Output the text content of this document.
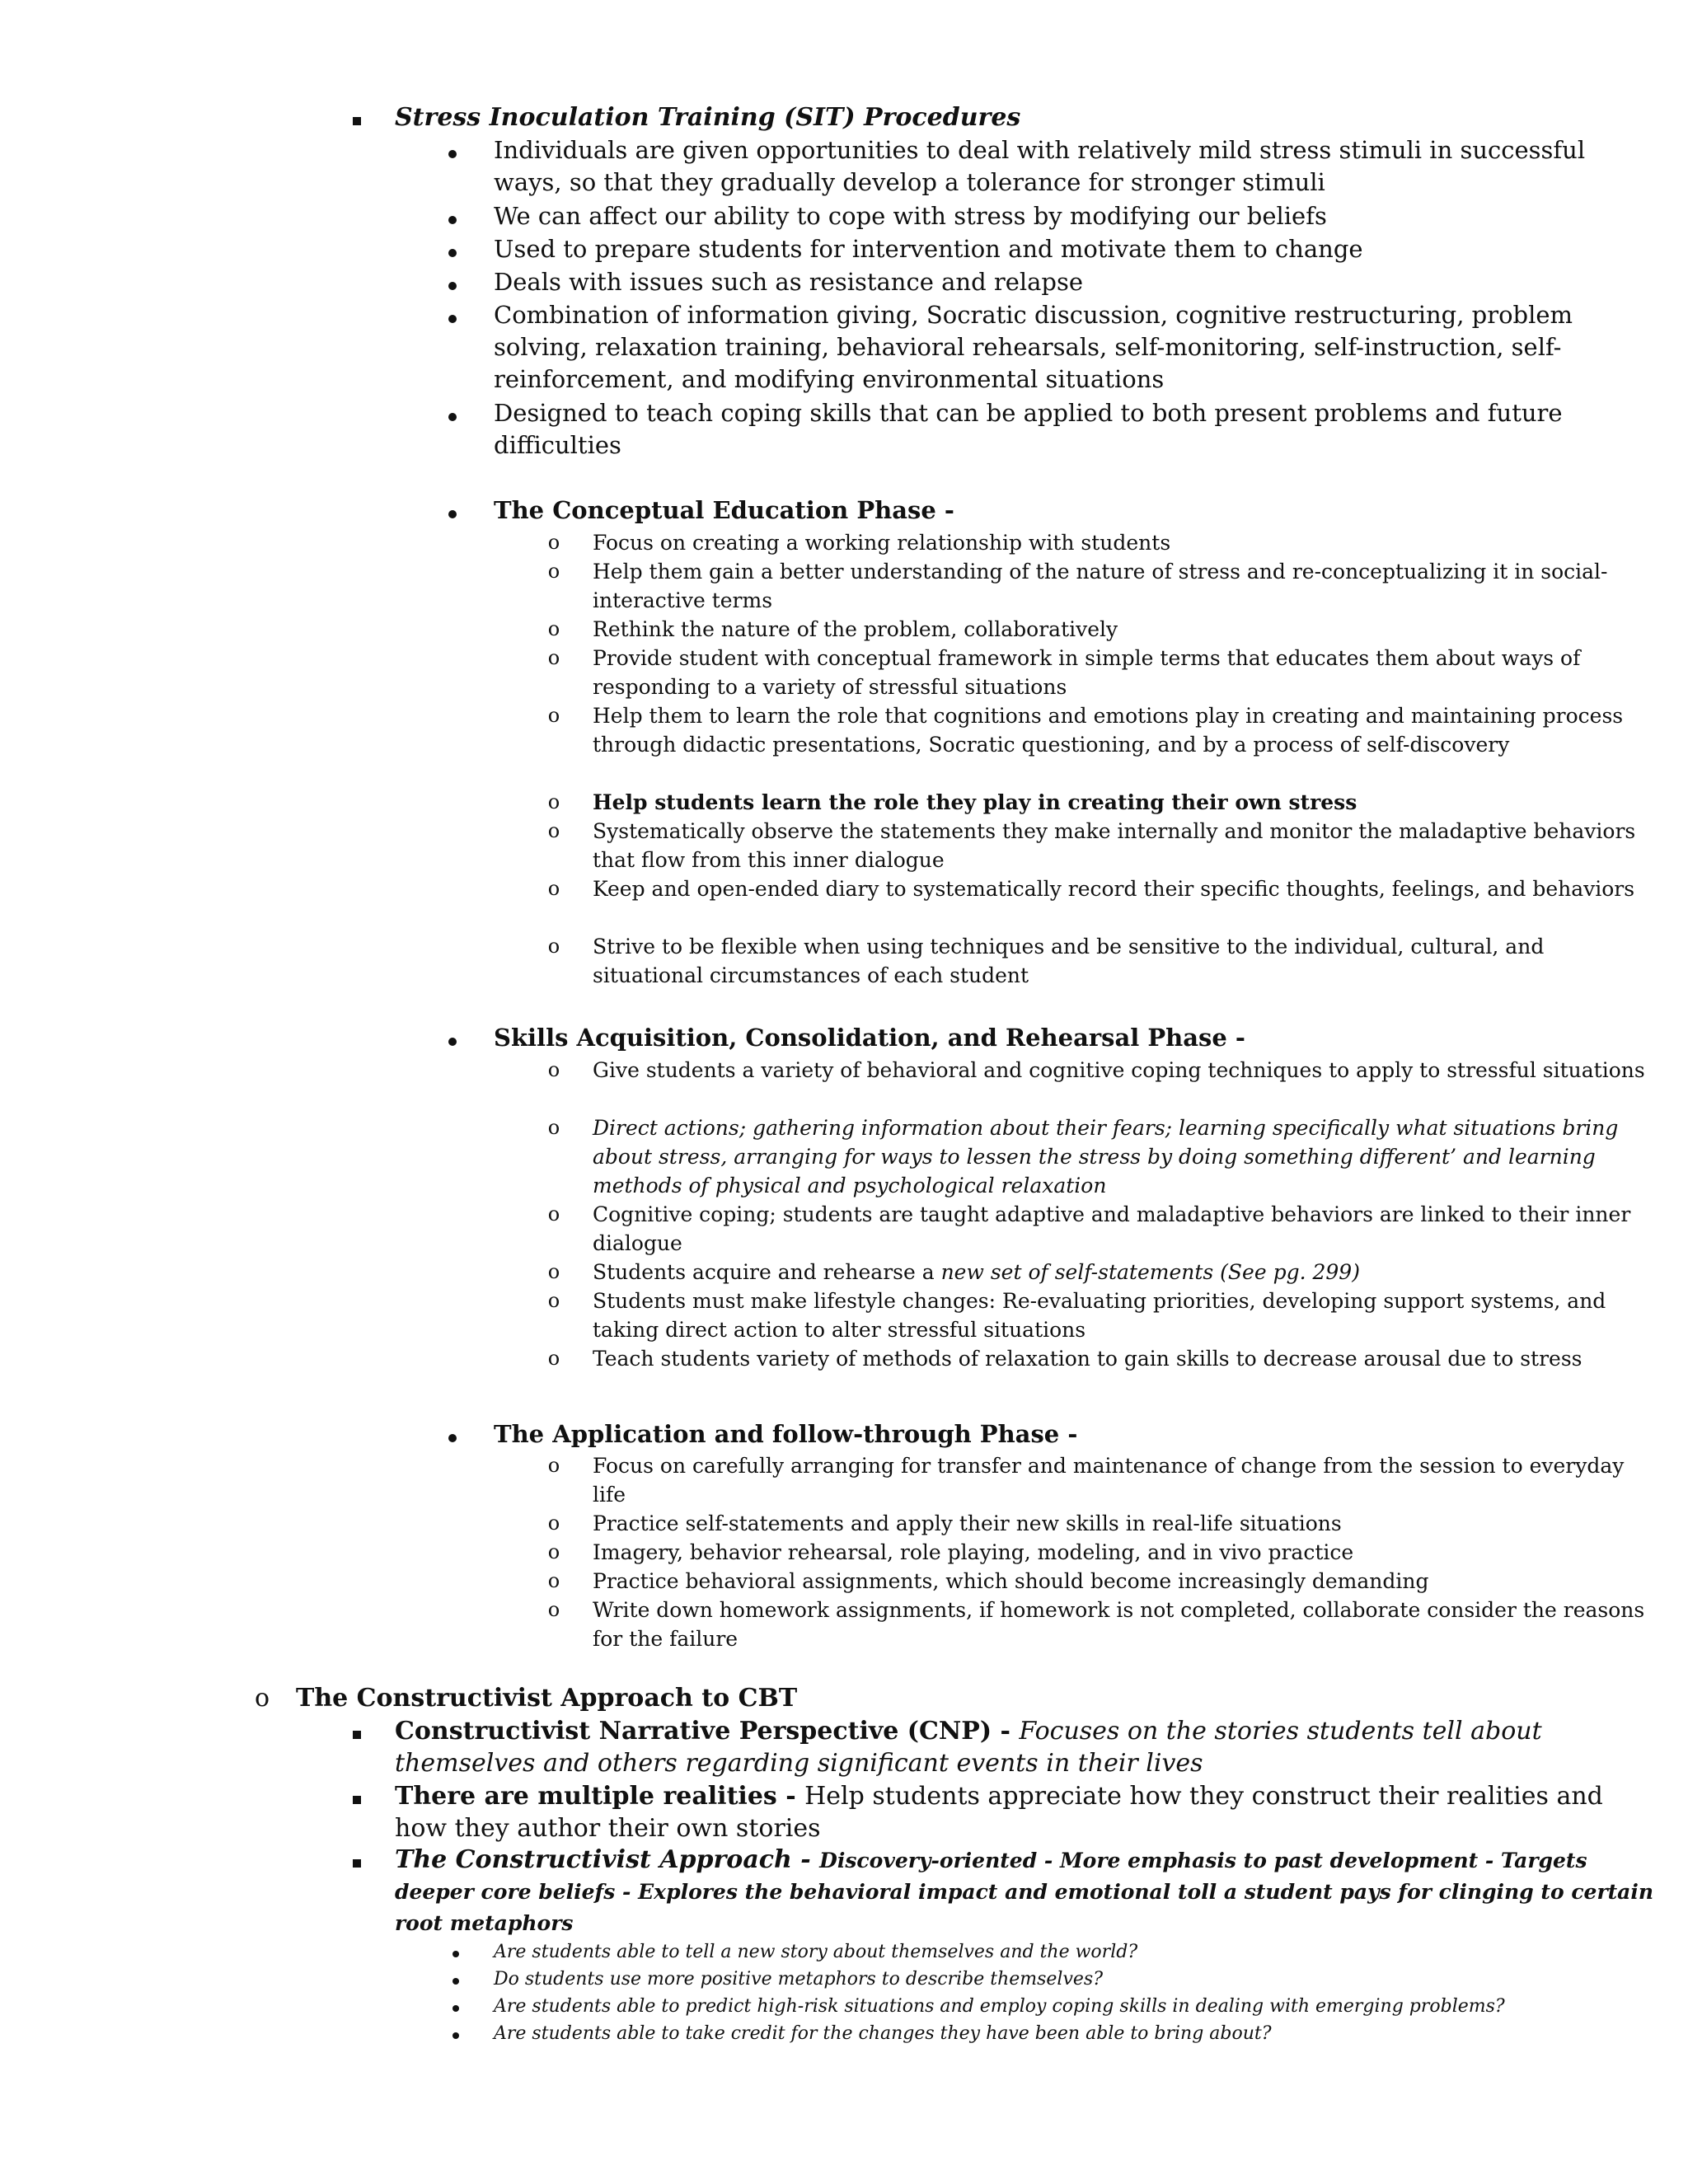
Stress Inoculation Training (SIT) Procedures
Individuals are given opportunities to deal with relatively mild stress stimuli in successful ways, so that they gradually develop a tolerance for stronger stimuli
We can affect our ability to cope with stress by modifying our beliefs
Used to prepare students for intervention and motivate them to change
Deals with issues such as resistance and relapse
Combination of information giving, Socratic discussion, cognitive restructuring, problem solving, relaxation training, behavioral rehearsals, self-monitoring, self-instruction, self-reinforcement, and modifying environmental situations
Designed to teach coping skills that can be applied to both present problems and future difficulties
The Conceptual Education Phase -
o Focus on creating a working relationship with students
o Help them gain a better understanding of the nature of stress and re-conceptualizing it in social-interactive terms
o Rethink the nature of the problem, collaboratively
o Provide student with conceptual framework in simple terms that educates them about ways of responding to a variety of stressful situations
o Help them to learn the role that cognitions and emotions play in creating and maintaining process through didactic presentations, Socratic questioning, and by a process of self-discovery
o Help students learn the role they play in creating their own stress
o Systematically observe the statements they make internally and monitor the maladaptive behaviors that flow from this inner dialogue
o Keep and open-ended diary to systematically record their specific thoughts, feelings, and behaviors
o Strive to be flexible when using techniques and be sensitive to the individual, cultural, and situational circumstances of each student
Skills Acquisition, Consolidation, and Rehearsal Phase -
o Give students a variety of behavioral and cognitive coping techniques to apply to stressful situations
o Direct actions; gathering information about their fears; learning specifically what situations bring about stress, arranging for ways to lessen the stress by doing something different’ and learning methods of physical and psychological relaxation
o Cognitive coping; students are taught adaptive and maladaptive behaviors are linked to their inner dialogue
o Students acquire and rehearse a new set of self-statements (See pg. 299)
o Students must make lifestyle changes: Re-evaluating priorities, developing support systems, and taking direct action to alter stressful situations
o Teach students variety of methods of relaxation to gain skills to decrease arousal due to stress
The Application and follow-through Phase -
o Focus on carefully arranging for transfer and maintenance of change from the session to everyday life
o Practice self-statements and apply their new skills in real-life situations
o Imagery, behavior rehearsal, role playing, modeling, and in vivo practice
o Practice behavioral assignments, which should become increasingly demanding
o Write down homework assignments, if homework is not completed, collaborate consider the reasons for the failure
o The Constructivist Approach to CBT
Constructivist Narrative Perspective (CNP) - Focuses on the stories students tell about themselves and others regarding significant events in their lives
There are multiple realities - Help students appreciate how they construct their realities and how they author their own stories
The Constructivist Approach - Discovery-oriented - More emphasis to past development - Targets deeper core beliefs - Explores the behavioral impact and emotional toll a student pays for clinging to certain root metaphors
Are students able to tell a new story about themselves and the world?
Do students use more positive metaphors to describe themselves?
Are students able to predict high-risk situations and employ coping skills in dealing with emerging problems?
Are students able to take credit for the changes they have been able to bring about?
